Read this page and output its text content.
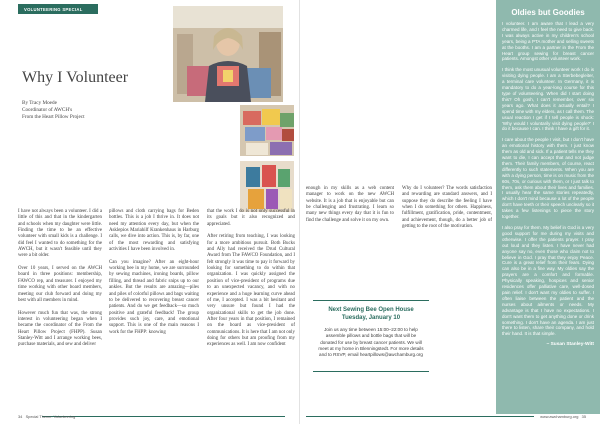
VOLUNTEERING SPECIAL
Why I Volunteer
By Tracy Moede
Coordinator of AWCH's
From the Heart Pillow Project

I have not always been a volunteer. I did a little of this and that in the kindergarten and schools when my daughter were little. Finding the time to be an effective volunteer with small kids is a challenge. I did feel I wanted to do something for the AWCH, but it wasn't feasible until they were a bit older.

Over 10 years, I served on the AWCH board in three positions: membership, FAWCO rep, and treasurer. I enjoyed my time working with other board members, meeting our club forward and doing my best with all members in mind.

However much fun that was, the strong interest in volunteering began when I became the coordinator of the From the Heart Pillow Project (FHPP). Susan Stanley-Witt and I arrange working bees, purchase materials, and sew and deliver

pillows and cloth carrying bags for Beden bottles. This is a job I thrive in. It does not need my attention every day, but when the Asklepios Mariahilf Krankenhaus in Harburg calls, we dive into action. This is, by far, one of the most rewarding and satisfying activities I have been involved in.

Can you imagine? After an eight-hour working bee in my home, we are surrounded by sewing machines, ironing boards, pillow filling, and thread and fabric snips up to our ankles. But the results are amazing—piles and piles of colorful pillows and bags waiting to be delivered to recovering breast cancer patients. And do we get feedback—so much positive and grateful feedback! The group provides such joy, care, and emotional support. This is one of the main reasons I work for the FHPP: knowing

that the work I do is not only successful in its goals but it also recognized and appreciated.

After retiring from teaching, I was looking for a more ambitious pursuit. Both Bucks and Ally had received the Drud Cultural Award from The FAWCO Foundation, and I felt strongly it was time to pay it forward by looking for something to do within that organization. I was quickly assigned the position of vice-president of programs due to an unexpected vacancy, and with no experience and a huge learning curve ahead of me, I accepted. I was a bit hesitant and very unsure but found I had the organizational skills to get the job done. After four years in that position, I remained on the board as vice-president of communications. It is here that I am not only doing for others but am proofing from my experiences as well. I am now confident

34 Special Theme: Volunteering

enough in my skills as a web content manager to work on the new AWCH website. It is a job that is enjoyable but can be challenging and frustrating. I learn so many new things every day that it is fun to find the challenge and solve it on my own.

Why do I volunteer? The words satisfaction and rewarding are standard answers, and I suppose they do describe the feeling I have when I do something for others. Happiness, fulfillment, gratification, pride, contentment, and achievement, though, do a better job of getting to the root of the motivation.

Next Sewing Bee Open House
Tuesday, January 10
Join us any time between 15:00–22:00 to help assemble pillows and bottle bags that will be donated for use by breast cancer patients. We will meet at my home in Blenningstedt. For more details and to RSVP, email heartpillows@awchamburg.org
Oldies but Goodies

I volunteer. I am aware that I lead a very charmed life, and I feel the need to give back. I was always active in my children's school years, being a PTA mother and selling sweets at the booths. I am a partner in the From the Heart group sewing for breast cancer patients. Amongst other volunteer work.

I think the most unusual volunteer work I do is visiting dying people. I am a Sterbebegleiter, a terminal care volunteer. In Germany, it is mandatory to do a year-long course for this type of volunteering. When did I start doing this? Oh gosh, I can't remember, over six years ago. What does it actually entail? I spend time with my elders, as I call them. The usual reaction I get if I tell people is shock: 'Why would I voluntarily visit dying people?' I do it because I can. I think I have a gift for it.

I care about the people I visit, but I don't have an emotional history with them. I just know them as old and sick. If a patient tells me they want to die, I can accept that and not judge them. Their family members, of course, react differently to such statements. When you are with a dying person, time is on music from the 60s, 70s, or curious with them, or I just talk to them, ask them about their lives and families. I usually hear the same stories repeatedly, which I don't mind because a lot of the people don't have teeth or their speech unclearly so it takes a few listenings to piece the story together.

I also pray for them. My belief in God is a very good support for me during my visits and otherwise. I offer the patients prayer. I pray out loud and they listen. I have never had anyone say no, even those who claim not to believe in God. I pray that they enjoy Peace. Cure is a great relief from their fears. Dying can also be in a fine way. My oldies say the prayers are a comfort and formable. Physically speaking, hospices and senior residences offer palliative care, well-dosed pain relief. I don't want my oldies to suffer. I often liaise between the patient and the nurses about ailments or needs. My advantage is that I have no expectations. I don't want them to get anything done or drink something. I don't have an agenda. I am just there to listen, share their company, and hold their hand. It is that simple.

~ Susan Stanley-Witt
www.awchamburg.org 35
